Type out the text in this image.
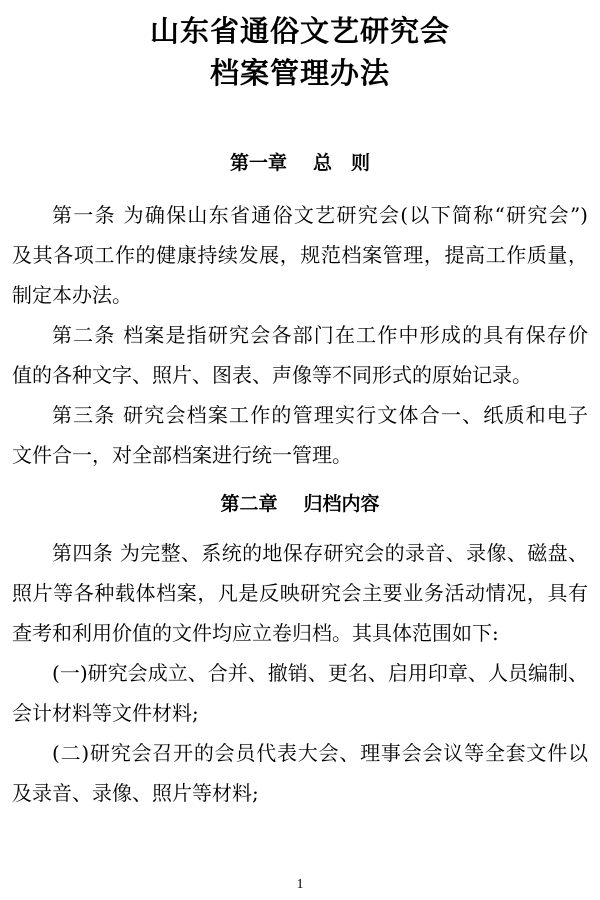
山东省通俗文艺研究会
档案管理办法
第一章 总　则
第一条 为确保山东省通俗文艺研究会(以下简称“研究会”)
及其各项工作的健康持续发展，规范档案管理，提高工作质量，
制定本办法。
第二条 档案是指研究会各部门在工作中形成的具有保存价
值的各种文字、照片、图表、声像等不同形式的原始记录。
第三条 研究会档案工作的管理实行文体合一、纸质和电子
文件合一，对全部档案进行统一管理。
第二章 归档内容
第四条 为完整、系统的地保存研究会的录音、录像、磁盘、
照片等各种载体档案，凡是反映研究会主要业务活动情况，具有
查考和利用价值的文件均应立卷归档。其具体范围如下:
(一)研究会成立、合并、撤销、更名、启用印章、人员编制、
会计材料等文件材料;
(二)研究会召开的会员代表大会、理事会会议等全套文件以
及录音、录像、照片等材料;
1
